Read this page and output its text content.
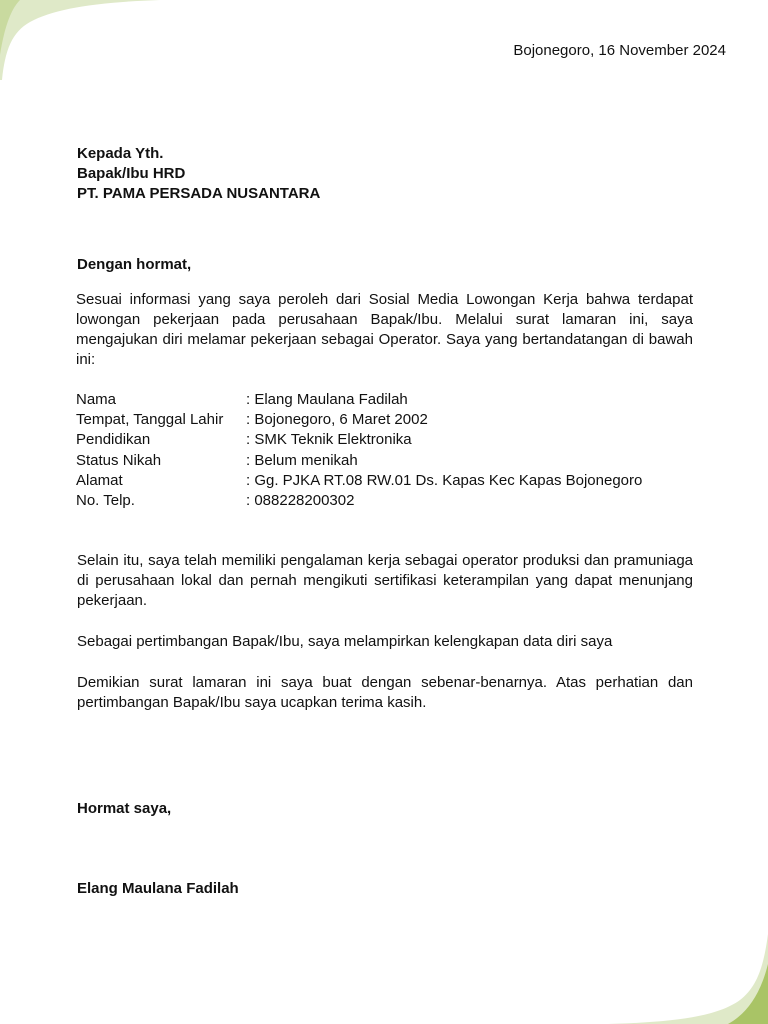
Bojonegoro, 16 November 2024
Kepada Yth.
Bapak/Ibu HRD
PT. PAMA PERSADA NUSANTARA
Dengan hormat,

Sesuai informasi yang saya peroleh dari Sosial Media Lowongan Kerja bahwa terdapat lowongan pekerjaan pada perusahaan Bapak/Ibu. Melalui surat lamaran ini, saya mengajukan diri melamar pekerjaan sebagai Operator. Saya yang bertandatangan di bawah ini:

Nama	: Elang Maulana Fadilah
Tempat, Tanggal Lahir	: Bojonegoro, 6 Maret 2002
Pendidikan	: SMK Teknik Elektronika
Status Nikah	: Belum menikah
Alamat	: Gg. PJKA RT.08 RW.01 Ds. Kapas Kec Kapas Bojonegoro
No. Telp.	: 088228200302

Selain itu, saya telah memiliki pengalaman kerja sebagai operator produksi dan pramuniaga di perusahaan lokal dan pernah mengikuti sertifikasi keterampilan yang dapat menunjang pekerjaan.

Sebagai pertimbangan Bapak/Ibu, saya melampirkan kelengkapan data diri saya

Demikian surat lamaran ini saya buat dengan sebenar-benarnya. Atas perhatian dan pertimbangan Bapak/Ibu saya ucapkan terima kasih.

Hormat saya,
Elang Maulana Fadilah
